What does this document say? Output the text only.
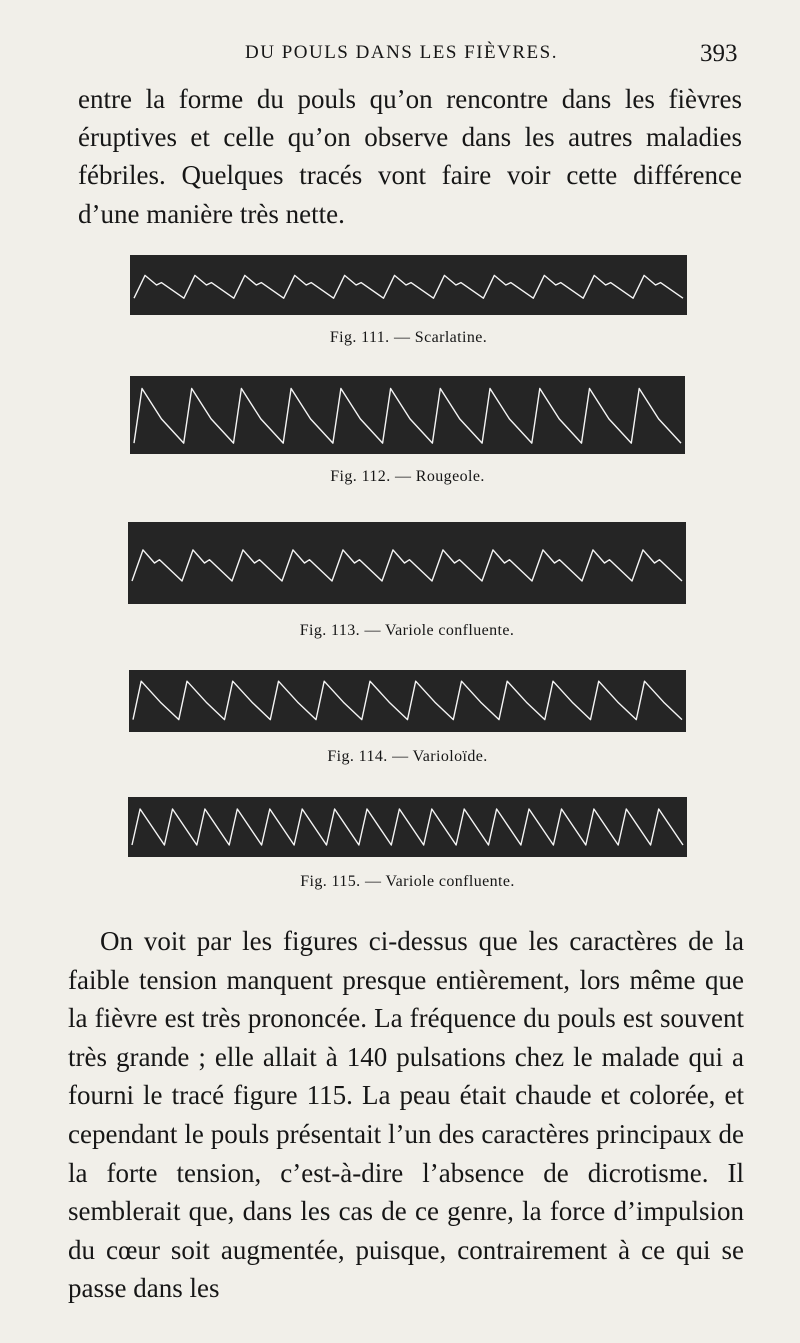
DU POULS DANS LES FIÈVRES.	393

entre la forme du pouls qu’on rencontre dans les fièvres éruptives et celle qu’on observe dans les autres maladies fébriles. Quelques tracés vont faire voir cette différence d’une manière très nette.

Fig. 111. — Scarlatine.
Fig. 112. — Rougeole.
Fig. 113. — Variole confluente.
Fig. 114. — Varioloïde.
Fig. 115. — Variole confluente.

On voit par les figures ci-dessus que les caractères de la faible tension manquent presque entièrement, lors même que la fièvre est très prononcée. La fréquence du pouls est souvent très grande ; elle allait à 140 pulsations chez le malade qui a fourni le tracé figure 115. La peau était chaude et colorée, et cependant le pouls présentait l’un des caractères principaux de la forte tension, c’est-à-dire l’absence de dicrotisme. Il semblerait que, dans les cas de ce genre, la force d’impulsion du cœur soit augmentée, puisque, contrairement à ce qui se passe dans les
